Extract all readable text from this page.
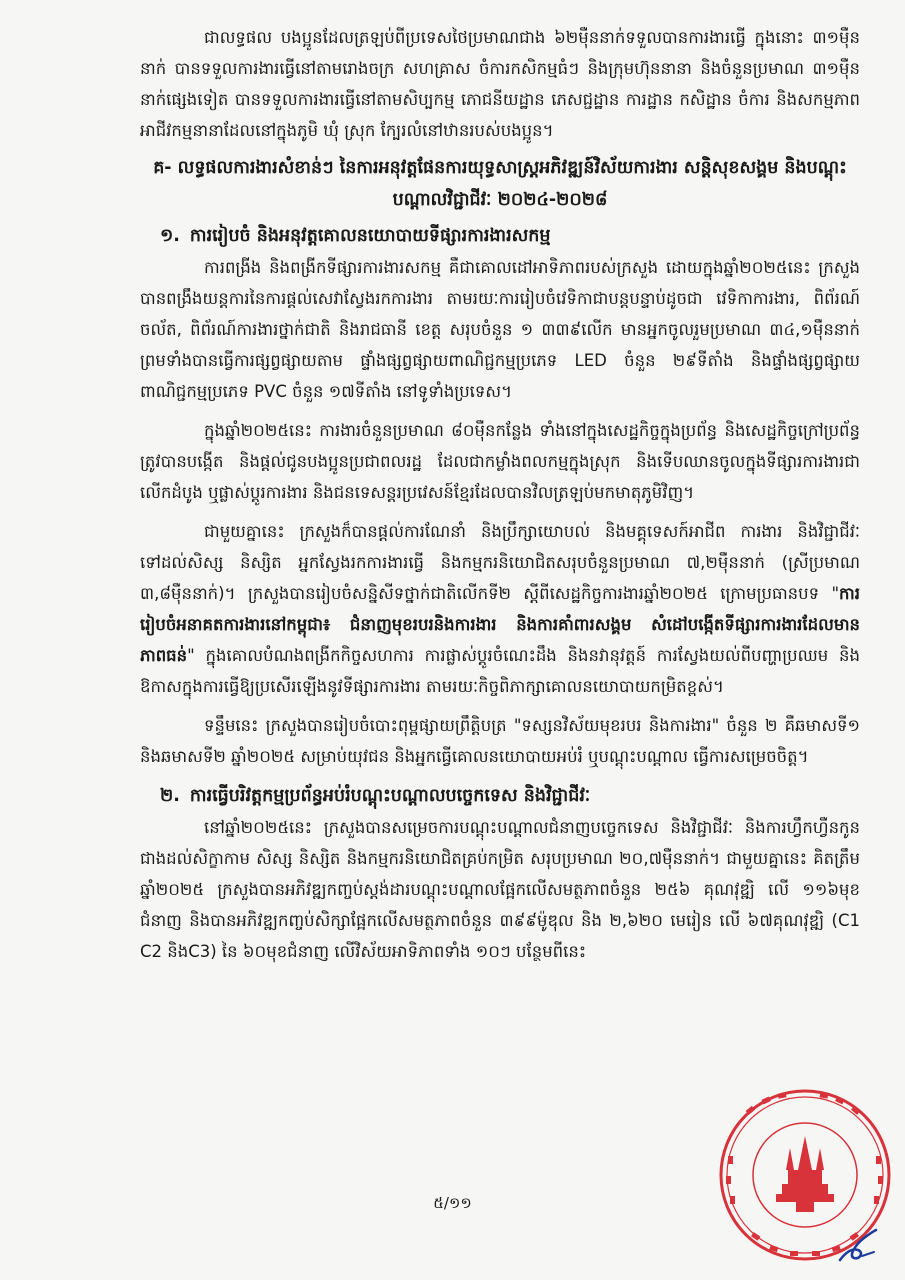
ជាលទ្ធផល បងប្អូនដែលត្រឡប់ពីប្រទេសថៃប្រមាណជាង ៦២ម៉ឺននាក់ទទួលបានការងារធ្វើ ក្នុងនោះ ៣១ម៉ឺននាក់ បានទទួលការងារធ្វើនៅតាមរោងចក្រ សហគ្រាស ចំការកសិកម្មធំៗ និងក្រុមហ៊ុននានា និងចំនួនប្រមាណ ៣១ម៉ឺននាក់ផ្សេងទៀត បានទទួលការងារធ្វើនៅតាមសិប្បកម្ម ភោជនីយដ្ឋាន ភេសជ្ជដ្ឋាន ការដ្ឋាន កសិដ្ឋាន ចំការ និងសកម្មភាពអាជីវកម្មនានាដែលនៅក្នុងភូមិ ឃុំ ស្រុក ក្បែរលំនៅឋានរបស់បងប្អូន។

គ- លទ្ធផលការងារសំខាន់ៗ នៃការអនុវត្តផែនការយុទ្ធសាស្ត្រអភិវឌ្ឍន៍វិស័យការងារ សន្តិសុខសង្គម និងបណ្តុះបណ្តាលវិជ្ជាជីវៈ ២០២៤-២០២៨
១. ការរៀបចំ និងអនុវត្តគោលនយោបាយទីផ្សារការងារសកម្ម

ការពង្រីង និងពង្រីកទីផ្សារការងារសកម្ម គឺជាគោលដៅអាទិភាពរបស់ក្រសួង ដោយក្នុងឆ្នាំ២០២៥នេះ ក្រសួងបានពង្រឹងយន្តការនៃការផ្តល់សេវាស្វែងរកការងារ តាមរយៈការរៀបចំវេទិកាជាបន្តបន្ទាប់ដូចជា វេទិកាការងារ, ពិព័រណ៍ចល័ត, ពិព័រណ៍ការងារថ្នាក់ជាតិ និងរាជធានី ខេត្ត សរុបចំនួន ១ ៣៣៩លើក មានអ្នកចូលរួមប្រមាណ ៣៤,១ម៉ឺននាក់ ព្រមទាំងបានធ្វើការផ្សព្វផ្សាយតាម ផ្ទាំងផ្សព្វផ្សាយពាណិជ្ជកម្មប្រភេទ LED ចំនួន ២៩ទីតាំង និងផ្ទាំងផ្សព្វផ្សាយពាណិជ្ជកម្មប្រភេទ PVC ចំនួន ១៧ទីតាំង នៅទូទាំងប្រទេស។

ក្នុងឆ្នាំ២០២៥នេះ ការងារចំនួនប្រមាណ ៨០ម៉ឺនកន្លែង ទាំងនៅក្នុងសេដ្ឋកិច្ចក្នុងប្រព័ន្ធ និងសេដ្ឋកិច្ចក្រៅប្រព័ន្ធ ត្រូវបានបង្កើត និងផ្តល់ជូនបងប្អូនប្រជាពលរដ្ឋ ដែលជាកម្លាំងពលកម្មក្នុងស្រុក និងទើបឈានចូលក្នុងទីផ្សារការងារជាលើកដំបូង ឬផ្លាស់ប្តូរការងារ និងជនទេសន្តរប្រវេសន៍ខ្មែរដែលបានវិលត្រឡប់មកមាតុភូមិវិញ។

ជាមួយគ្នានេះ ក្រសួងក៏បានផ្តល់ការណែនាំ និងប្រឹក្សាយោបល់ និងមគ្គុទេសក៍អាជីព ការងារ និងវិជ្ជាជីវៈ ទៅដល់សិស្ស និស្សិត អ្នកស្វែងរកការងារធ្វើ និងកម្មករនិយោជិតសរុបចំនួនប្រមាណ ៧,២ម៉ឺននាក់ (ស្រីប្រមាណ ៣,៨ម៉ឺននាក់)។ ក្រសួងបានរៀបចំសន្និសីទថ្នាក់ជាតិលើកទី២ ស្តីពីសេដ្ឋកិច្ចការងារឆ្នាំ២០២៥ ក្រោមប្រធានបទ "ការរៀបចំអនាគតការងារនៅកម្ពុជា៖ ជំនាញមុខរបរនិងការងារ និងការគាំពារសង្គម សំដៅបង្កើតទីផ្សារការងារដែលមានភាពធន់" ក្នុងគោលបំណងពង្រីកកិច្ចសហការ ការផ្លាស់ប្តូរចំណេះដឹង និងនវានុវត្តន៍ ការស្វែងយល់ពីបញ្ហាប្រឈម និងឱកាសក្នុងការធ្វើឱ្យប្រសើរឡើងនូវទីផ្សារការងារ តាមរយៈកិច្ចពិភាក្សាគោលនយោបាយកម្រិតខ្ពស់។

ទន្ទឹមនេះ ក្រសួងបានរៀបចំបោះពុម្ពផ្សាយព្រឹត្តិបត្រ "ទស្សនវិស័យមុខរបរ និងការងារ" ចំនួន ២ គឺឆមាសទី១ និងឆមាសទី២ ឆ្នាំ២០២៥ សម្រាប់យុវជន និងអ្នកធ្វើគោលនយោបាយអប់រំ ឬបណ្តុះបណ្តាល ធ្វើការសម្រេចចិត្ត។

២. ការធ្វើបរិវត្តកម្មប្រព័ន្ធអប់រំបណ្តុះបណ្តាលបច្ចេកទេស និងវិជ្ជាជីវៈ

នៅឆ្នាំ២០២៥នេះ ក្រសួងបានសម្រេចការបណ្តុះបណ្តាលជំនាញបច្ចេកទេស និងវិជ្ជាជីវៈ និងការហ្វឹកហ្វឺនកូនជាងដល់សិក្ខាកាម សិស្ស និស្សិត និងកម្មករនិយោជិតគ្រប់កម្រិត សរុបប្រមាណ ២០,៧ម៉ឺននាក់។ ជាមួយគ្នានេះ គិតត្រឹមឆ្នាំ២០២៥ ក្រសួងបានអភិវឌ្ឍកញ្ចប់ស្តង់ដារបណ្តុះបណ្តាលផ្អែកលើសមត្ថភាពចំនួន ២៥៦ គុណវុឌ្ឍិ លើ ១១៦មុខជំនាញ និងបានអភិវឌ្ឍកញ្ចប់សិក្សាផ្អែកលើសមត្ថភាពចំនួន ៣៩៩ម៉ូឌុល និង ២,៦២០ មេរៀន លើ ៦៧គុណវុឌ្ឍិ (C1 C2 និងC3) នៃ ៦០មុខជំនាញ លើវិស័យអាទិភាពទាំង ១០ៗ បន្ថែមពីនេះ

៥/១១
